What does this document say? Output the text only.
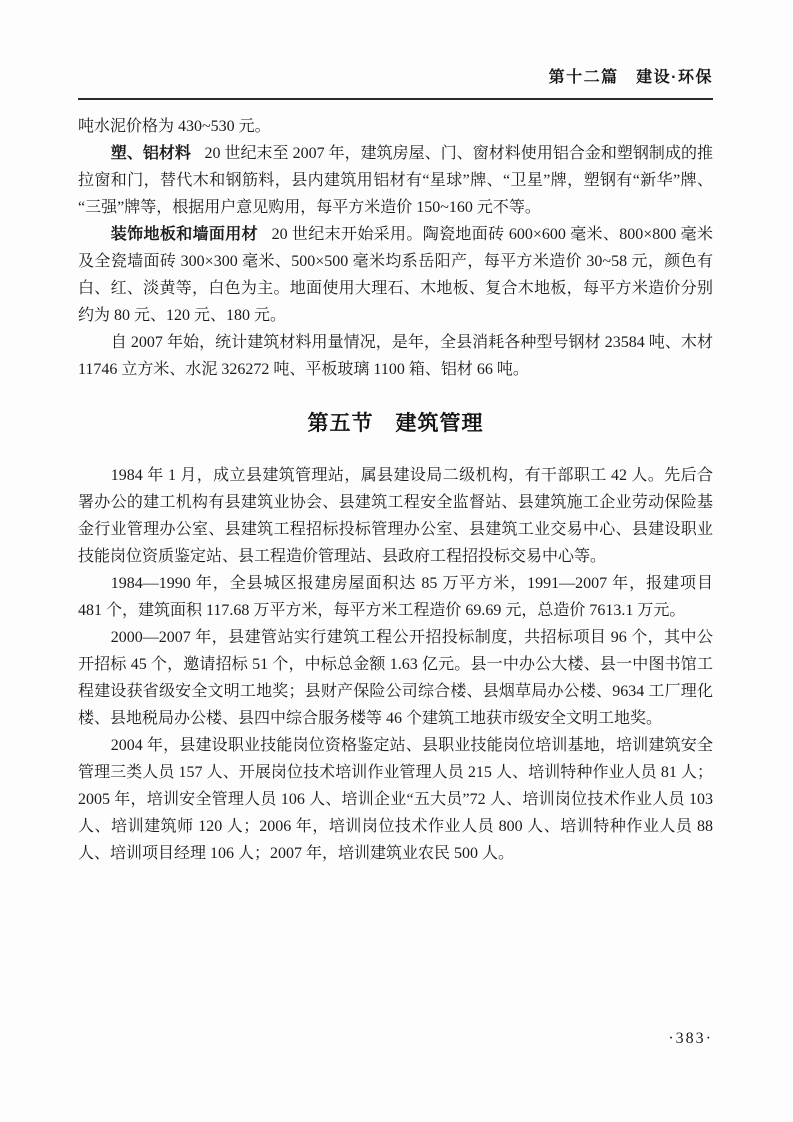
第十二篇　建设·环保

吨水泥价格为 430~530 元。

塑、铝材料 20 世纪末至 2007 年，建筑房屋、门、窗材料使用铝合金和塑钢制成的推拉窗和门，替代木和钢筋料，县内建筑用铝材有“星球”牌、“卫星”牌，塑钢有“新华”牌、“三强”牌等，根据用户意见购用，每平方米造价 150~160 元不等。

装饰地板和墙面用材 20 世纪末开始采用。陶瓷地面砖 600×600 毫米、800×800 毫米及全瓷墙面砖 300×300 毫米、500×500 毫米均系岳阳产，每平方米造价 30~58 元，颜色有白、红、淡黄等，白色为主。地面使用大理石、木地板、复合木地板，每平方米造价分别约为 80 元、120 元、180 元。

自 2007 年始，统计建筑材料用量情况，是年，全县消耗各种型号钢材 23584 吨、木材 11746 立方米、水泥 326272 吨、平板玻璃 1100 箱、铝材 66 吨。

第五节　建筑管理

1984 年 1 月，成立县建筑管理站，属县建设局二级机构，有干部职工 42 人。先后合署办公的建工机构有县建筑业协会、县建筑工程安全监督站、县建筑施工企业劳动保险基金行业管理办公室、县建筑工程招标投标管理办公室、县建筑工业交易中心、县建设职业技能岗位资质鉴定站、县工程造价管理站、县政府工程招投标交易中心等。

1984—1990 年，全县城区报建房屋面积达 85 万平方米，1991—2007 年，报建项目 481 个，建筑面积 117.68 万平方米，每平方米工程造价 69.69 元，总造价 7613.1 万元。

2000—2007 年，县建管站实行建筑工程公开招投标制度，共招标项目 96 个，其中公开招标 45 个，邀请招标 51 个，中标总金额 1.63 亿元。县一中办公大楼、县一中图书馆工程建设获省级安全文明工地奖；县财产保险公司综合楼、县烟草局办公楼、9634 工厂理化楼、县地税局办公楼、县四中综合服务楼等 46 个建筑工地获市级安全文明工地奖。

2004 年，县建设职业技能岗位资格鉴定站、县职业技能岗位培训基地，培训建筑安全管理三类人员 157 人、开展岗位技术培训作业管理人员 215 人、培训特种作业人员 81 人；2005 年，培训安全管理人员 106 人、培训企业“五大员”72 人、培训岗位技术作业人员 103 人、培训建筑师 120 人；2006 年，培训岗位技术作业人员 800 人、培训特种作业人员 88 人、培训项目经理 106 人；2007 年，培训建筑业农民 500 人。

·383·
